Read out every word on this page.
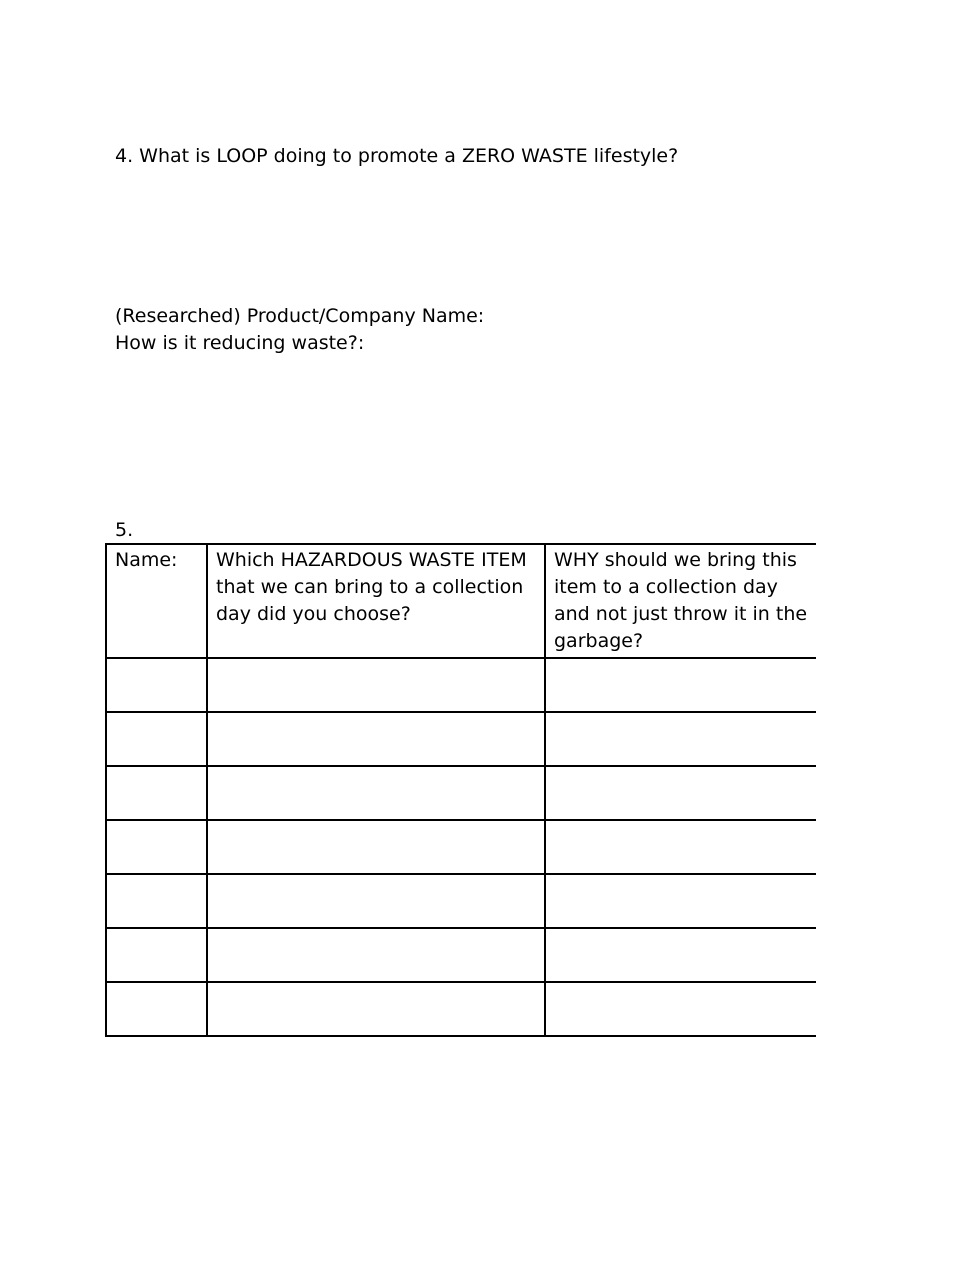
4. What is LOOP doing to promote a ZERO WASTE lifestyle?
(Researched) Product/Company Name:
How is it reducing waste?:
5.
Name:	Which HAZARDOUS WASTE ITEM that we can bring to a collection day did you choose?	WHY should we bring this item to a collection day and not just throw it in the garbage?
